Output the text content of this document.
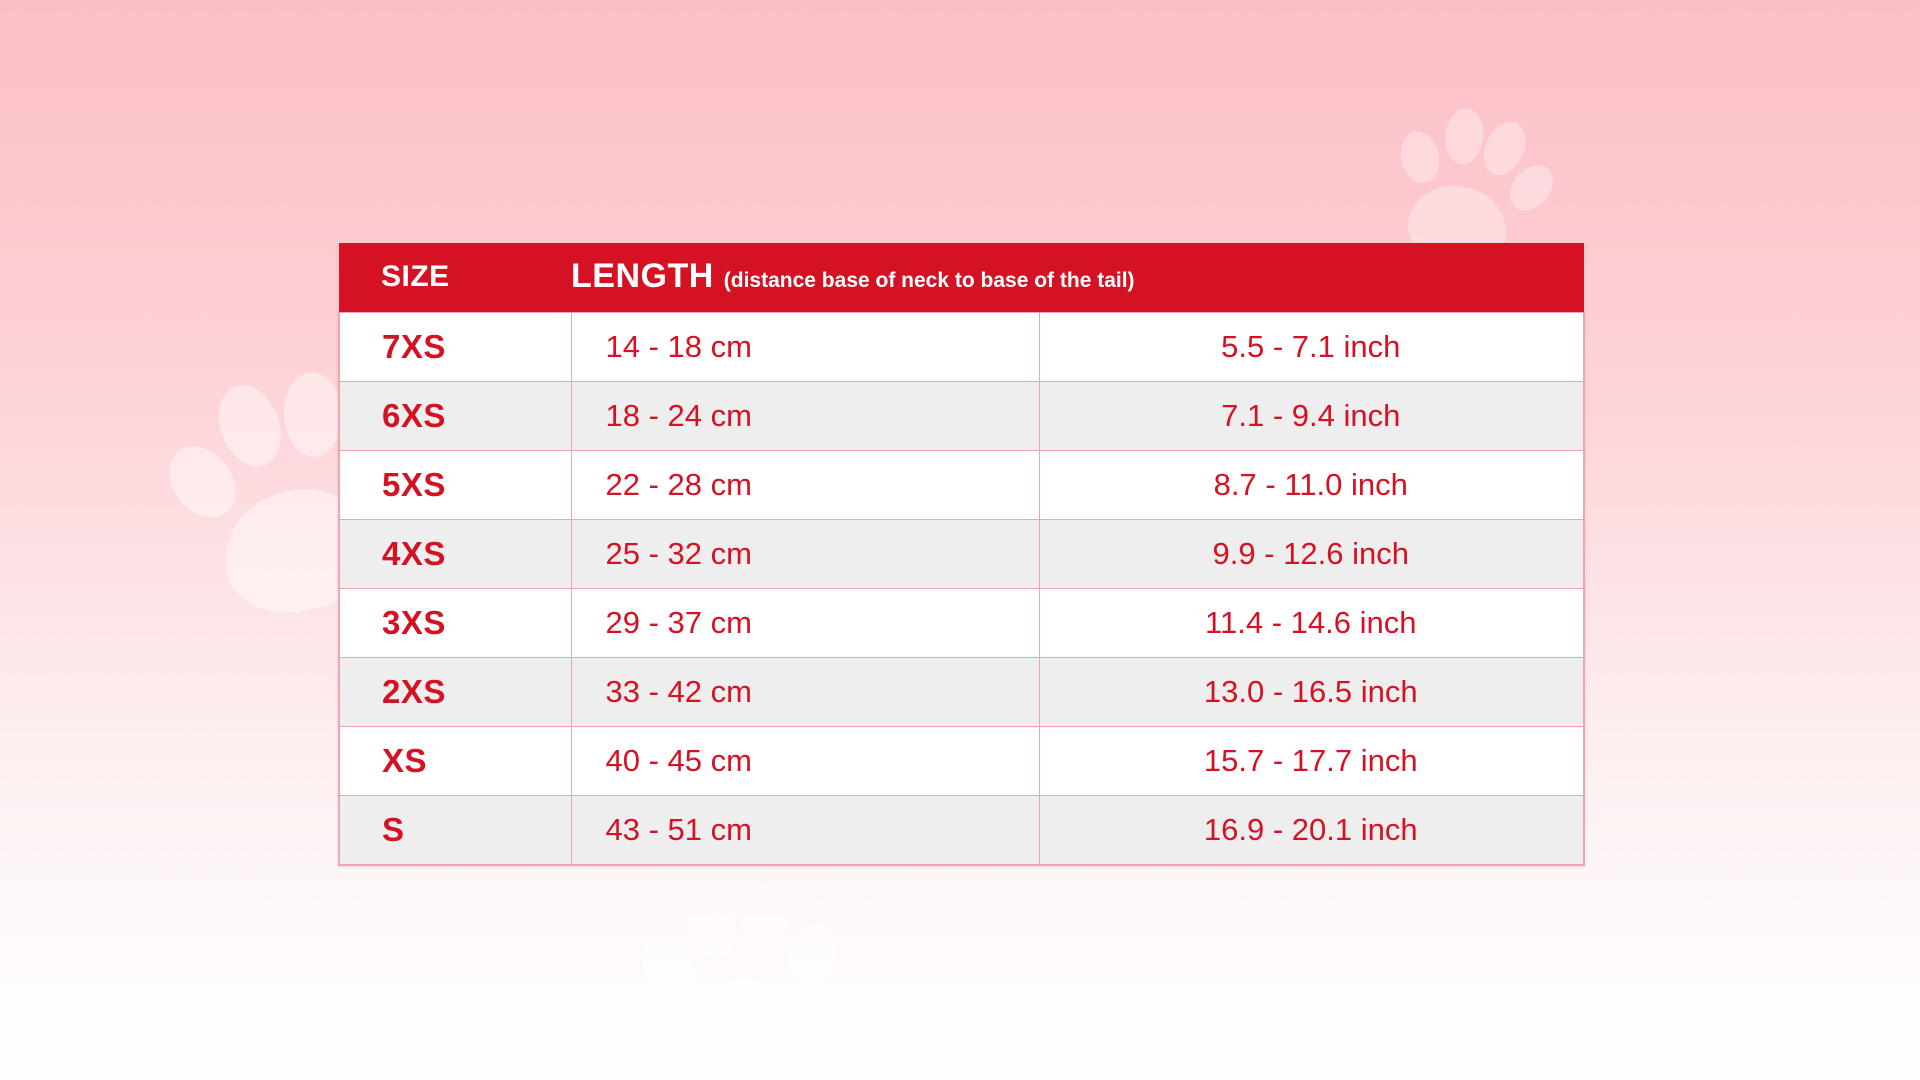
SIZE	LENGTH (distance base of neck to base of the tail)	
7XS	14 - 18 cm	5.5 - 7.1 inch
6XS	18 - 24 cm	7.1 - 9.4 inch
5XS	22 - 28 cm	8.7 - 11.0 inch
4XS	25 - 32 cm	9.9 - 12.6 inch
3XS	29 - 37 cm	11.4 - 14.6 inch
2XS	33 - 42 cm	13.0 - 16.5 inch
XS	40 - 45 cm	15.7 - 17.7 inch
S	43 - 51 cm	16.9 - 20.1 inch
